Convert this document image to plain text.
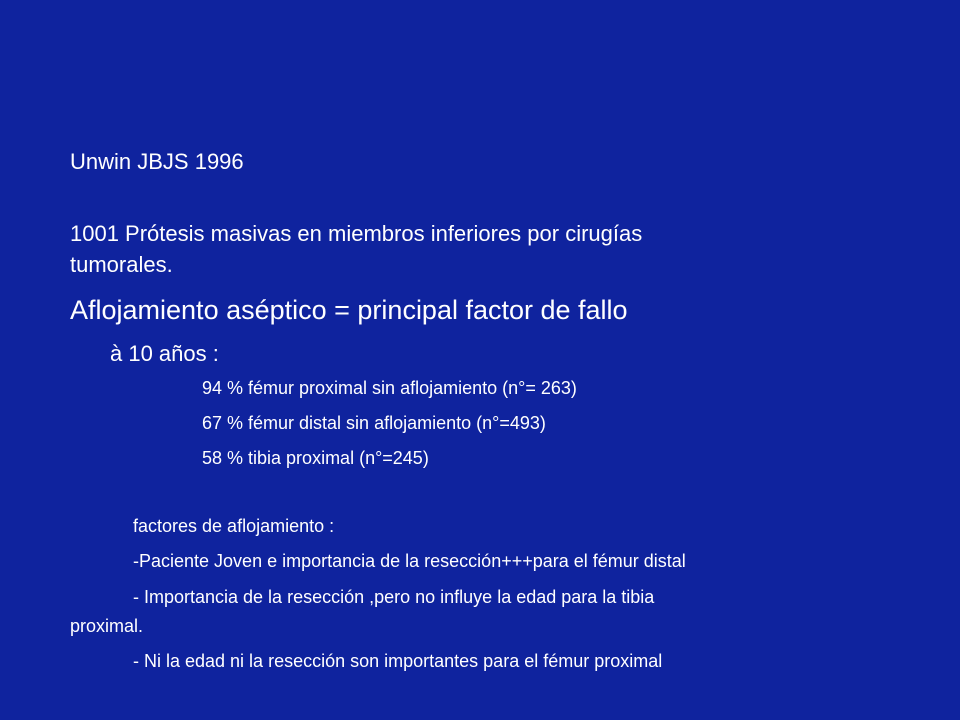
Unwin JBJS 1996
1001 Prótesis masivas en miembros inferiores por cirugías
tumorales.
Aflojamiento aséptico = principal factor de fallo
à 10 años :
94 % fémur proximal sin aflojamiento (n°= 263)
67 % fémur distal sin aflojamiento (n°=493)
58 % tibia proximal (n°=245)
factores de aflojamiento :
-Paciente Joven e importancia de la resección+++para el fémur distal
- Importancia de la resección ,pero no influye la edad para la tibia
proximal.
- Ni la edad ni la resección son importantes para el fémur proximal
